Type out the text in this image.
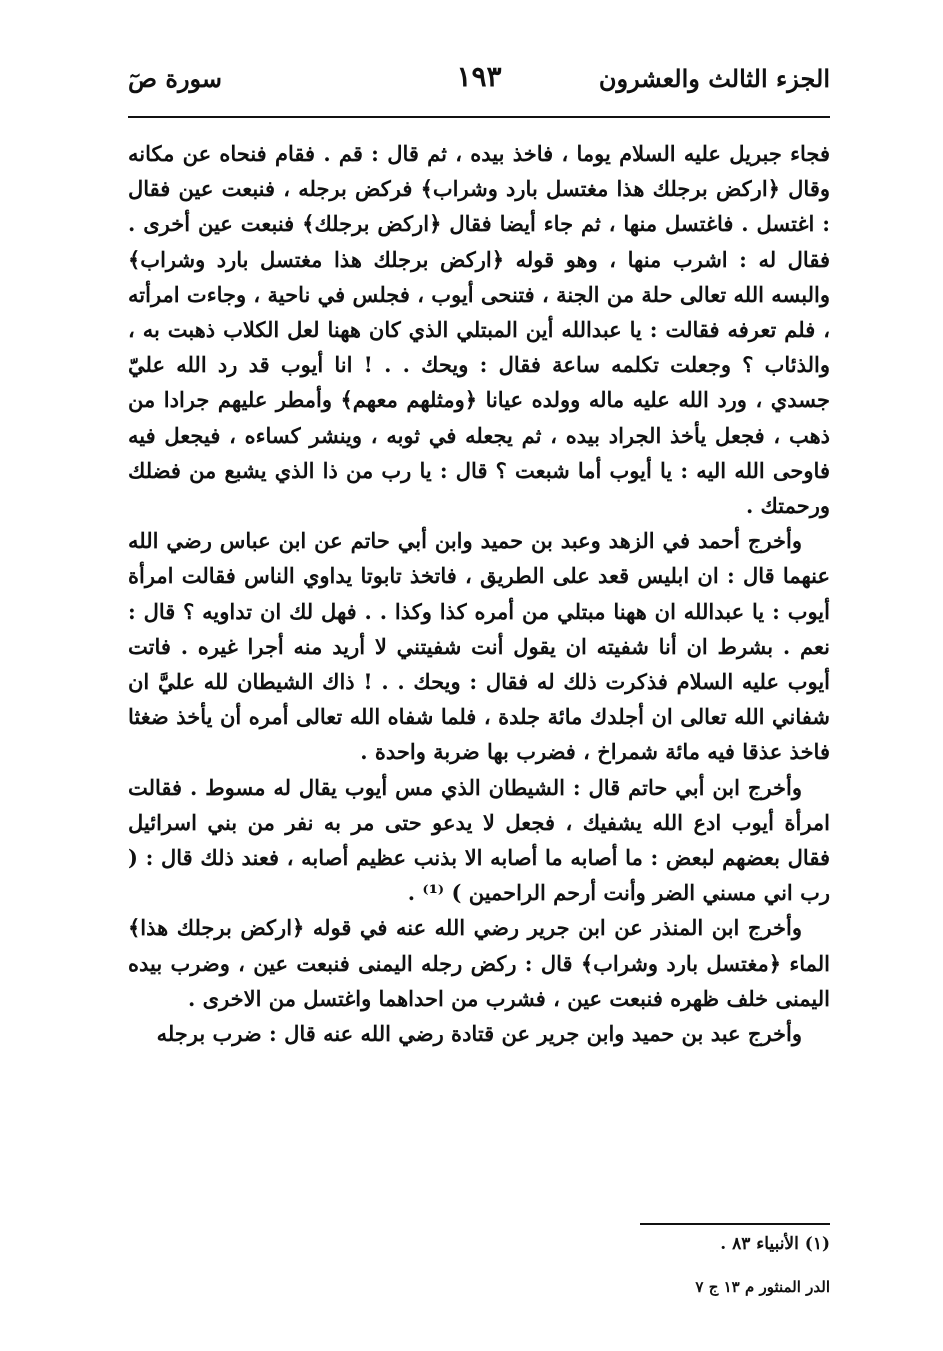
الجزء الثالث والعشرون
١٩٣
سورة صٓ

فجاء جبريل عليه السلام يوما ، فاخذ بيده ، ثم قال : قم . فقام فنحاه عن مكانه وقال ﴿اركض برجلك هذا مغتسل بارد وشراب﴾ فركض برجله ، فنبعت عين فقال : اغتسل . فاغتسل منها ، ثم جاء أيضا فقال ﴿اركض برجلك﴾ فنبعت عين أخرى . فقال له : اشرب منها ، وهو قوله ﴿اركض برجلك هذا مغتسل بارد وشراب﴾ والبسه الله تعالى حلة من الجنة ، فتنحى أيوب ، فجلس في ناحية ، وجاءت امرأته ، فلم تعرفه فقالت : يا عبدالله أين المبتلي الذي كان ههنا لعل الكلاب ذهبت به ، والذئاب ؟ وجعلت تكلمه ساعة فقال : ويحك . . ! انا أيوب قد رد الله عليّ جسدي ، ورد الله عليه ماله وولده عيانا ﴿ومثلهم معهم﴾ وأمطر عليهم جرادا من ذهب ، فجعل يأخذ الجراد بيده ، ثم يجعله في ثوبه ، وينشر كساءه ، فيجعل فيه فاوحى الله اليه : يا أيوب أما شبعت ؟ قال : يا رب من ذا الذي يشبع من فضلك ورحمتك .

وأخرج أحمد في الزهد وعبد بن حميد وابن أبي حاتم عن ابن عباس رضي الله عنهما قال : ان ابليس قعد على الطريق ، فاتخذ تابوتا يداوي الناس فقالت امرأة أيوب : يا عبدالله ان ههنا مبتلي من أمره كذا وكذا . . فهل لك ان تداويه ؟ قال : نعم . بشرط ان أنا شفيته ان يقول أنت شفيتني لا أريد منه أجرا غيره . فاتت أيوب عليه السلام فذكرت ذلك له فقال : ويحك . . ! ذاك الشيطان لله عليَّ ان شفاني الله تعالى ان أجلدك مائة جلدة ، فلما شفاه الله تعالى أمره أن يأخذ ضغثا فاخذ عذقا فيه مائة شمراخ ، فضرب بها ضربة واحدة .

وأخرج ابن أبي حاتم قال : الشيطان الذي مس أيوب يقال له مسوط . فقالت امرأة أيوب ادع الله يشفيك ، فجعل لا يدعو حتى مر به نفر من بني اسرائيل فقال بعضهم لبعض : ما أصابه ما أصابه الا بذنب عظيم أصابه ، فعند ذلك قال : ( رب اني مسني الضر وأنت أرحم الراحمين ) ⁽¹⁾ .

وأخرج ابن المنذر عن ابن جرير رضي الله عنه في قوله ﴿اركض برجلك هذا﴾ الماء ﴿مغتسل بارد وشراب﴾ قال : ركض رجله اليمنى فنبعت عين ، وضرب بيده اليمنى خلف ظهره فنبعت عين ، فشرب من احداهما واغتسل من الاخرى .

وأخرج عبد بن حميد وابن جرير عن قتادة رضي الله عنه قال : ضرب برجله

(١) الأنبياء ٨٣ .
الدر المنثور م ١٣ ج ٧
